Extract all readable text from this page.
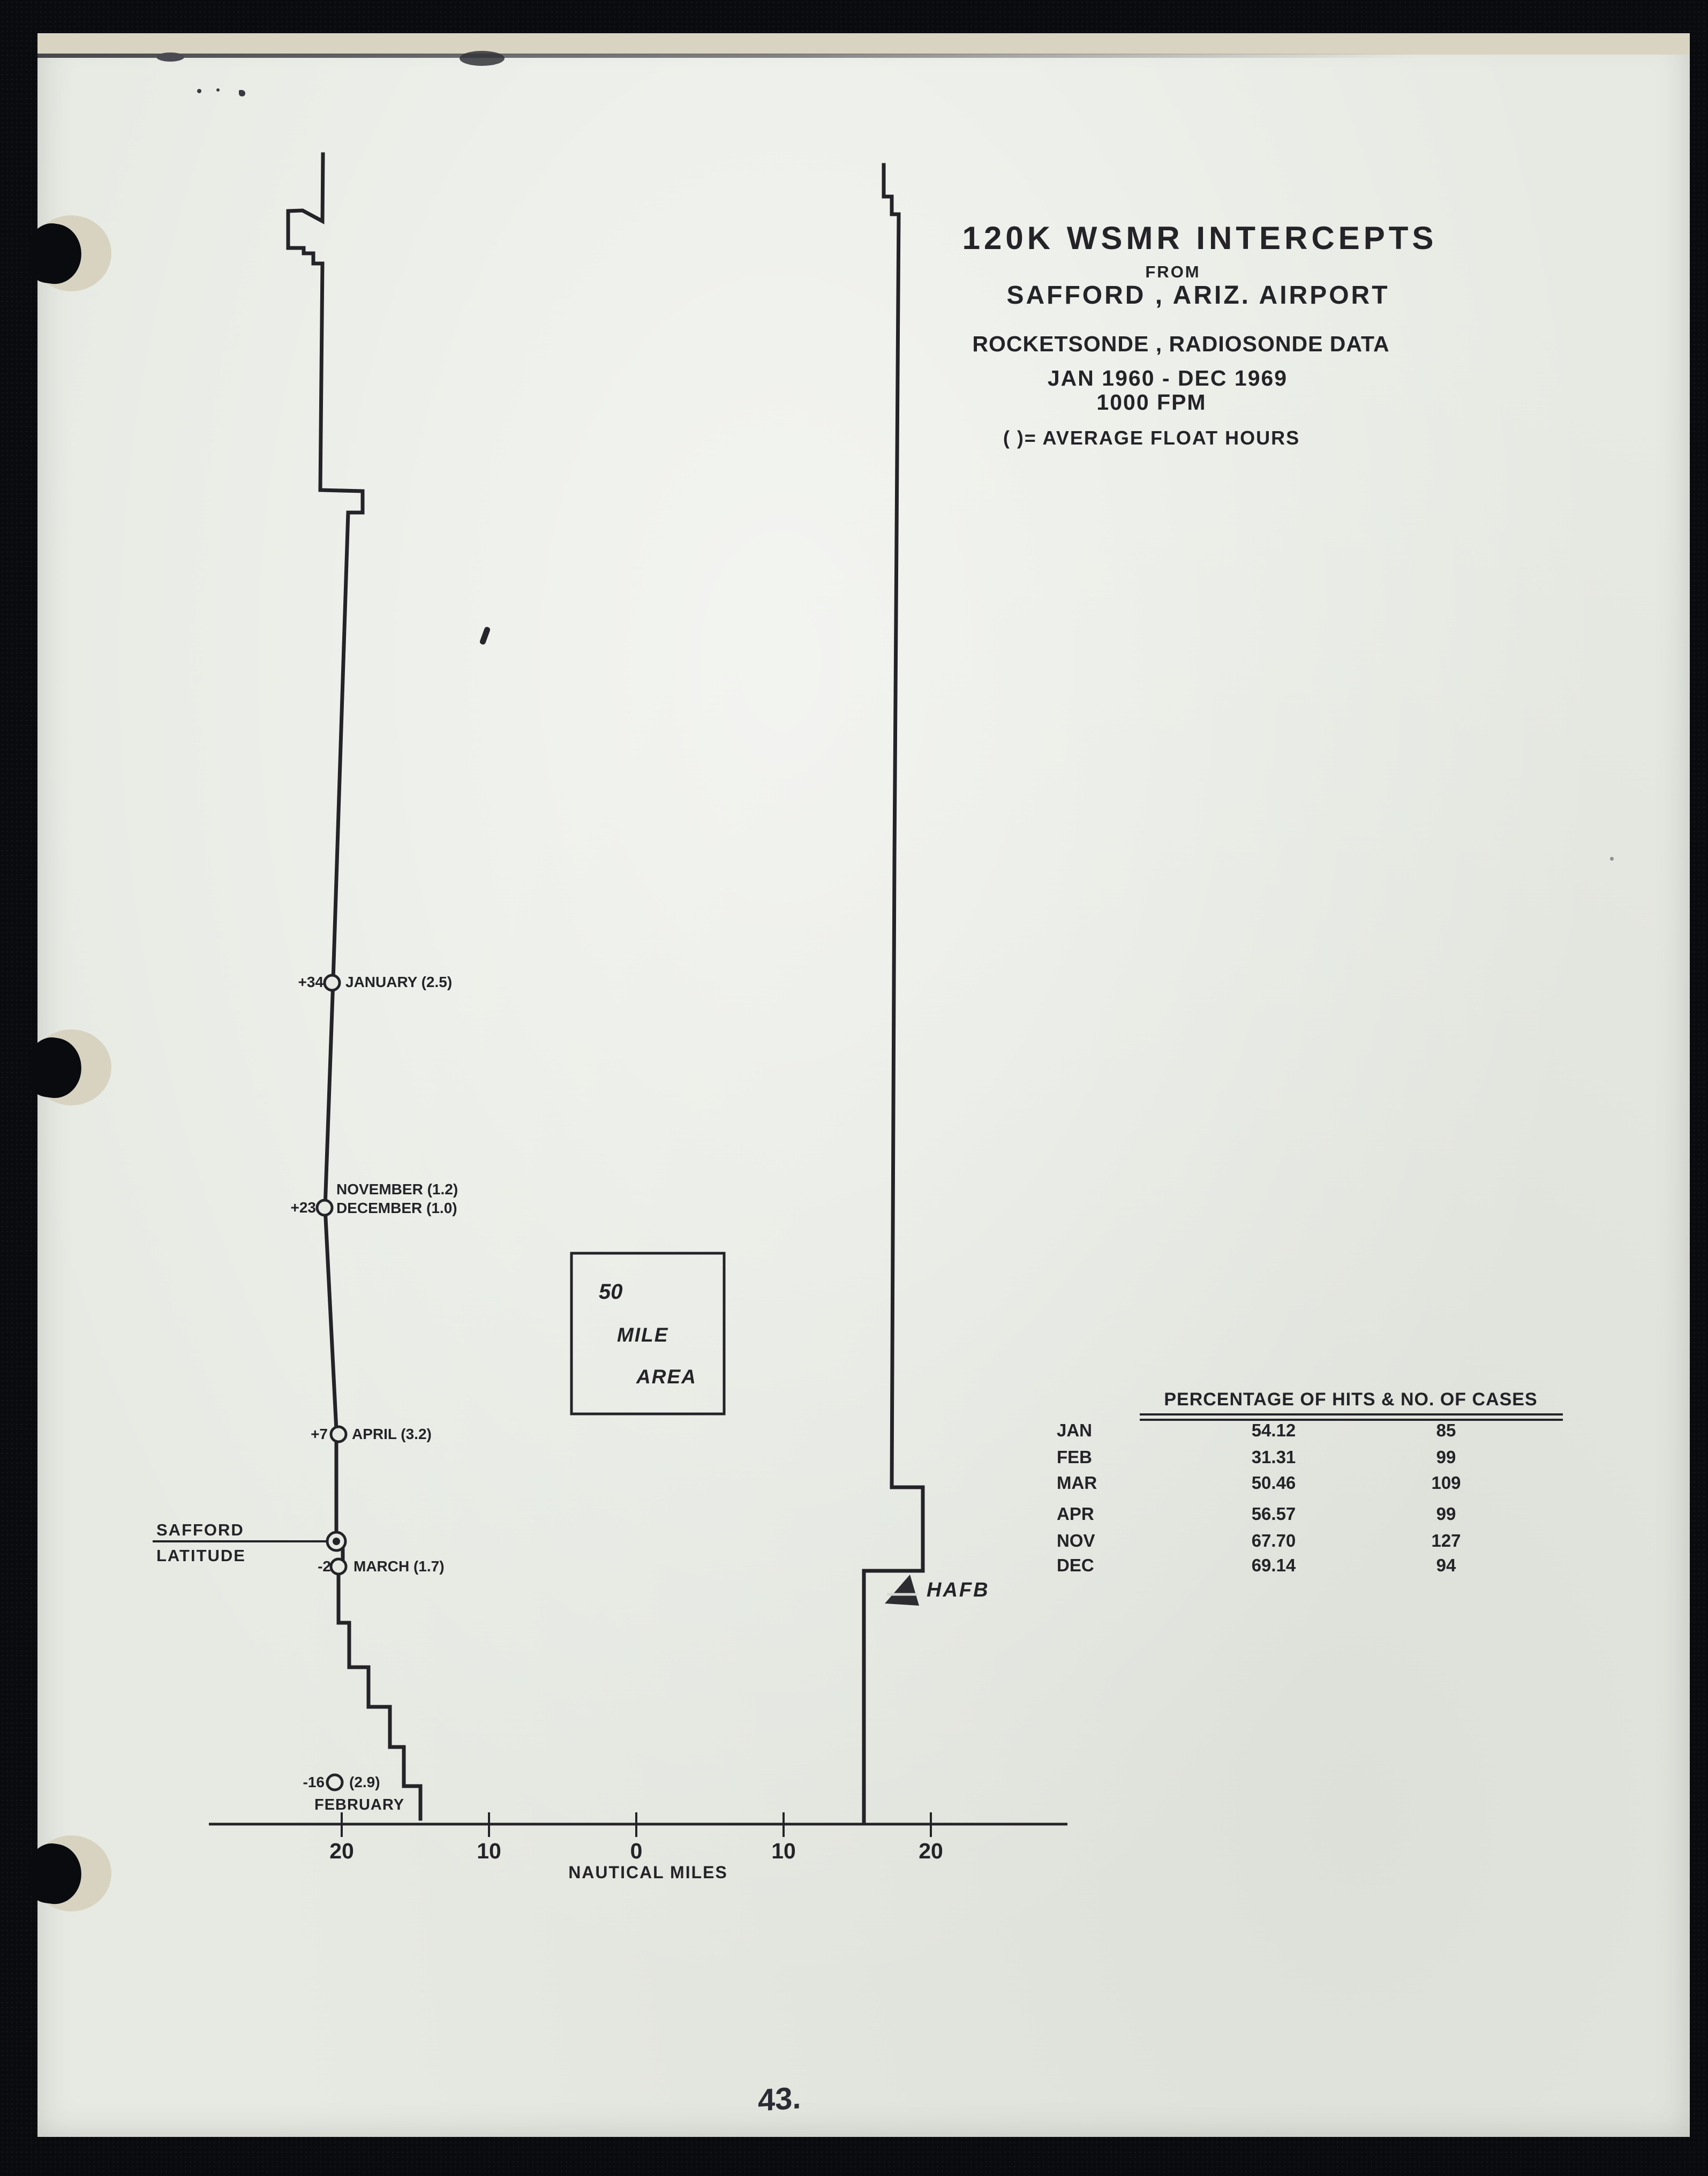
120K WSMR INTERCEPTS
FROM
SAFFORD , ARIZ. AIRPORT
ROCKETSONDE , RADIOSONDE DATA
JAN 1960 - DEC 1969
1000 FPM
( )= AVERAGE FLOAT HOURS
+34 JANUARY (2.5)
NOVEMBER (1.2)
+23 DECEMBER (1.0)
+7 APRIL (3.2)
SAFFORD
LATITUDE
-2 MARCH (1.7)
-16 (2.9)
FEBRUARY
50
MILE
AREA
HAFB
PERCENTAGE OF HITS & NO. OF CASES
JAN	54.12	85
FEB	31.31	99
MAR	50.46	109
APR	56.57	99
NOV	67.70	127
DEC	69.14	94
20	10	0	10	20
NAUTICAL MILES
43.
